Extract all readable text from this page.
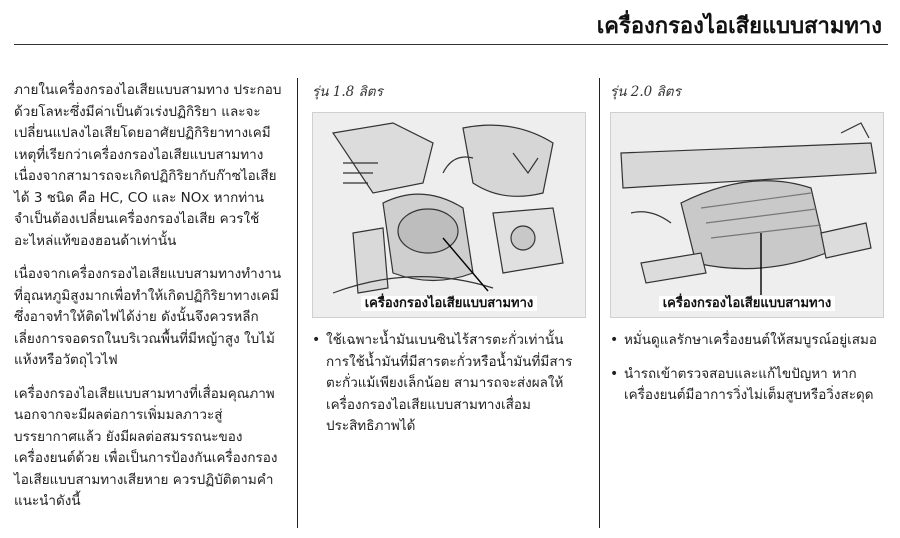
เครื่องกรองไอเสียแบบสามทาง

ภายในเครื่องกรองไอเสียแบบสามทาง ประกอบด้วยโลหะซึ่งมีค่าเป็นตัวเร่งปฏิกิริยา และจะเปลี่ยนแปลงไอเสียโดยอาศัยปฏิกิริยาทางเคมี เหตุที่เรียกว่าเครื่องกรองไอเสียแบบสามทาง เนื่องจากสามารถจะเกิดปฏิกิริยากับก๊าซไอเสียได้ 3 ชนิด คือ HC, CO และ NOx หากท่านจำเป็นต้องเปลี่ยนเครื่องกรองไอเสีย ควรใช้อะไหล่แท้ของฮอนด้าเท่านั้น

เนื่องจากเครื่องกรองไอเสียแบบสามทางทำงานที่อุณหภูมิสูงมากเพื่อทำให้เกิดปฏิกิริยาทางเคมี ซึ่งอาจทำให้ติดไฟได้ง่าย ดังนั้นจึงควรหลีกเลี่ยงการจอดรถในบริเวณพื้นที่มีหญ้าสูง ใบไม้แห้งหรือวัตถุไวไฟ

เครื่องกรองไอเสียแบบสามทางที่เสื่อมคุณภาพ นอกจากจะมีผลต่อการเพิ่มมลภาวะสู่บรรยากาศแล้ว ยังมีผลต่อสมรรถนะของเครื่องยนต์ด้วย เพื่อเป็นการป้องกันเครื่องกรองไอเสียแบบสามทางเสียหาย ควรปฏิบัติตามคำแนะนำดังนี้

รุ่น 1.8 ลิตร
เครื่องกรองไอเสียแบบสามทาง
• ใช้เฉพาะน้ำมันเบนซินไร้สารตะกั่วเท่านั้น การใช้น้ำมันที่มีสารตะกั่วหรือน้ำมันที่มีสารตะกั่วแม้เพียงเล็กน้อย สามารถจะส่งผลให้เครื่องกรองไอเสียแบบสามทางเสื่อมประสิทธิภาพได้
รุ่น 2.0 ลิตร
เครื่องกรองไอเสียแบบสามทาง
• หมั่นดูแลรักษาเครื่องยนต์ให้สมบูรณ์อยู่เสมอ
• นำรถเข้าตรวจสอบและแก้ไขปัญหา หากเครื่องยนต์มีอาการวิ่งไม่เต็มสูบหรือวิ่งสะดุด
